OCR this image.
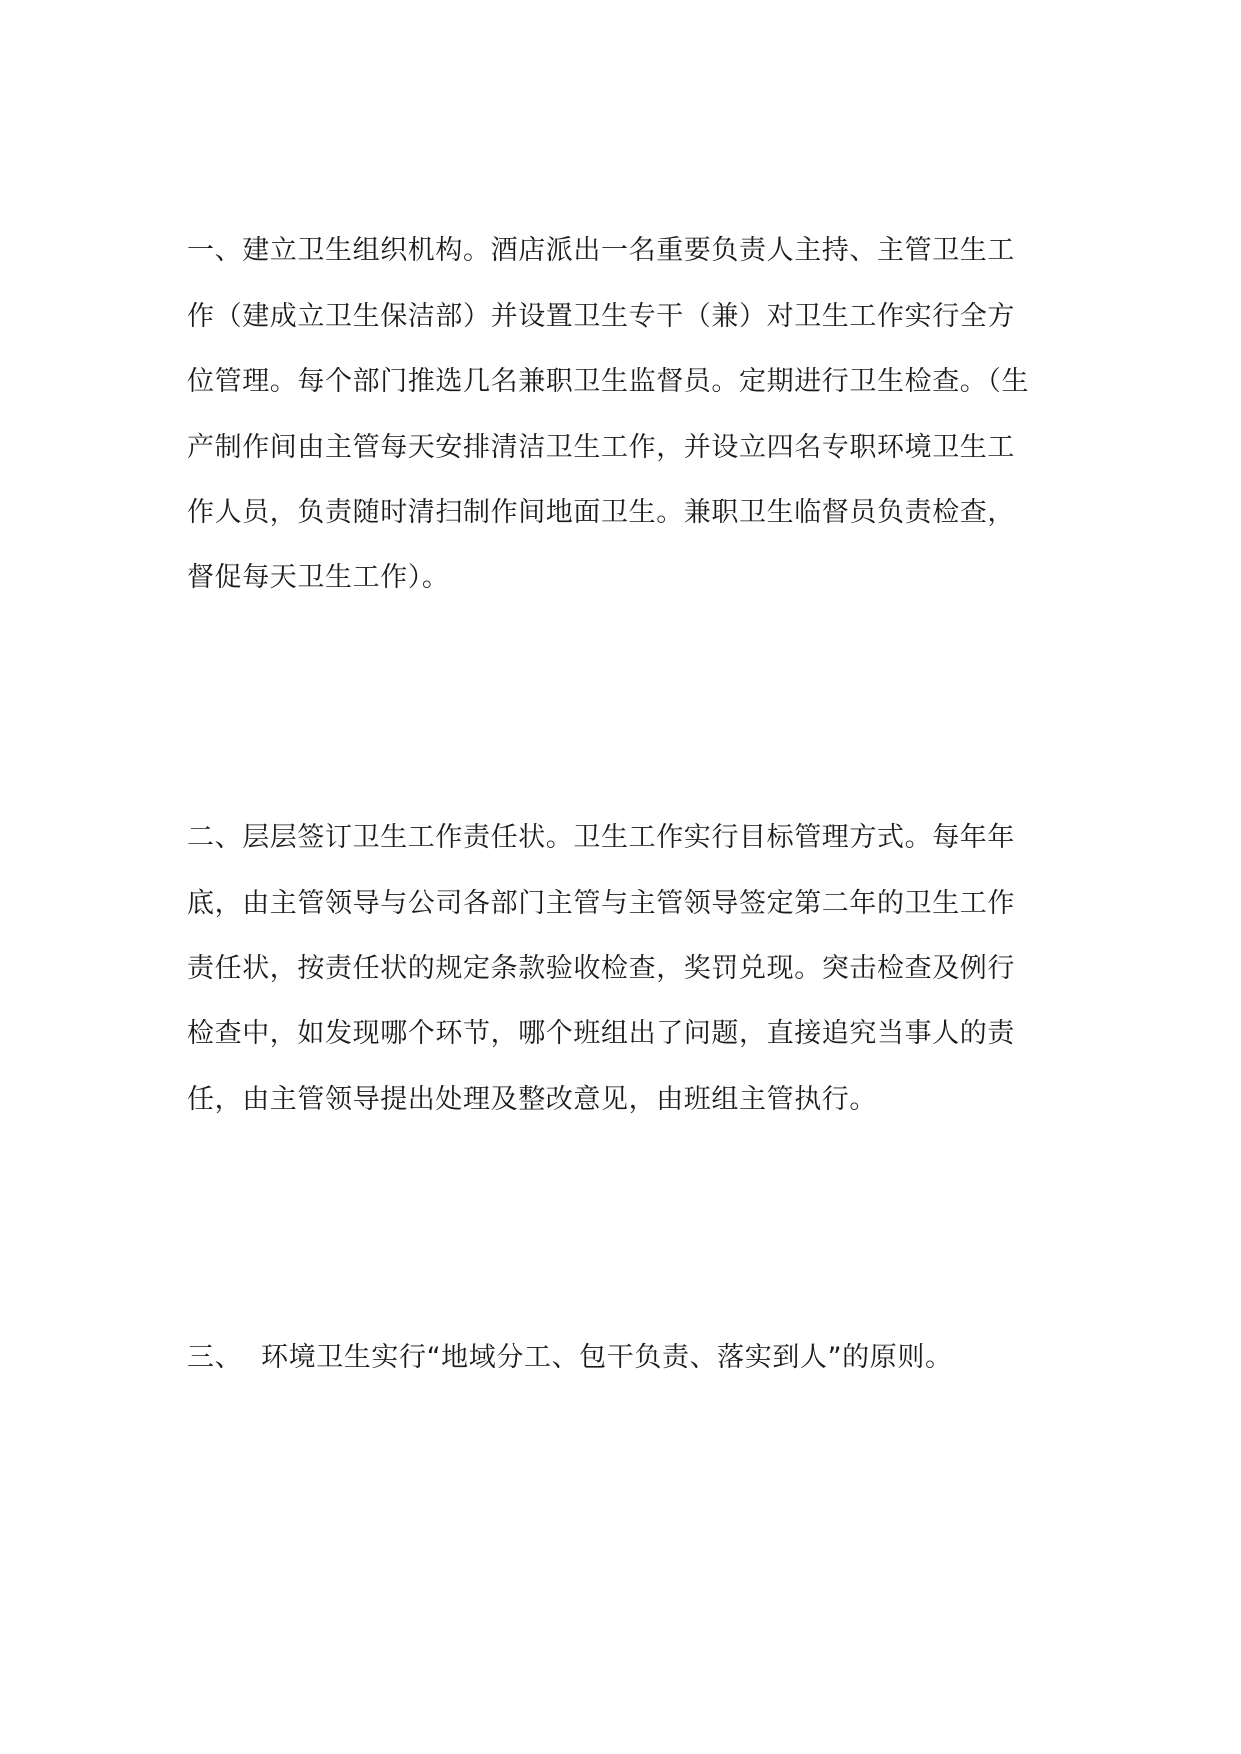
一、建立卫生组织机构。酒店派出一名重要负责人主持、主管卫生工
作（建成立卫生保洁部）并设置卫生专干（兼）对卫生工作实行全方
位管理。每个部门推选几名兼职卫生监督员。定期进行卫生检查。（生
产制作间由主管每天安排清洁卫生工作，并设立四名专职环境卫生工
作人员，负责随时清扫制作间地面卫生。兼职卫生临督员负责检查，
督促每天卫生工作）。
二、层层签订卫生工作责任状。卫生工作实行目标管理方式。每年年
底，由主管领导与公司各部门主管与主管领导签定第二年的卫生工作
责任状，按责任状的规定条款验收检查，奖罚兑现。突击检查及例行
检查中，如发现哪个环节，哪个班组出了问题，直接追究当事人的责
任，由主管领导提出处理及整改意见，由班组主管执行。
三、 环境卫生实行“地域分工、包干负责、落实到人”的原则。
